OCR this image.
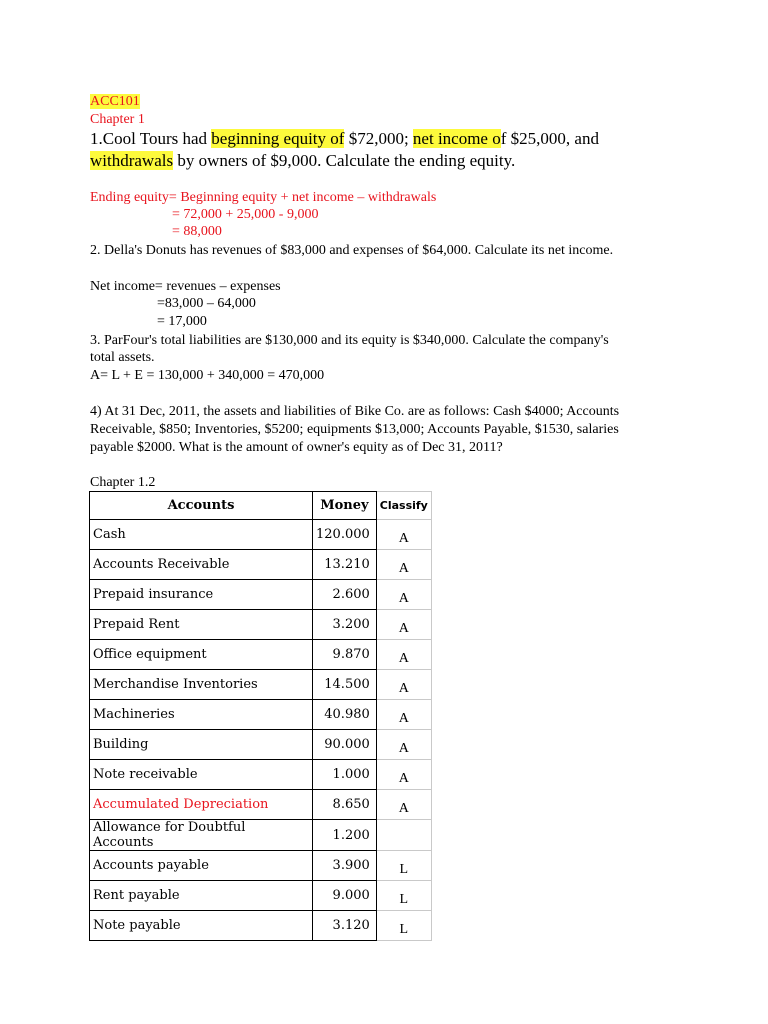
ACC101
Chapter 1
1.Cool Tours had beginning equity of $72,000; net income of $25,000, and
withdrawals by owners of $9,000. Calculate the ending equity.
Ending equity= Beginning equity + net income – withdrawals
= 72,000 + 25,000 - 9,000
= 88,000
2. Della's Donuts has revenues of $83,000 and expenses of $64,000. Calculate its net income.
Net income= revenues – expenses
=83,000 – 64,000
= 17,000
3. ParFour's total liabilities are $130,000 and its equity is $340,000. Calculate the company's
total assets.
A= L + E = 130,000 + 340,000 = 470,000
4) At 31 Dec, 2011, the assets and liabilities of Bike Co. are as follows: Cash $4000; Accounts
Receivable, $850; Inventories, $5200; equipments $13,000; Accounts Payable, $1530, salaries
payable $2000. What is the amount of owner's equity as of Dec 31, 2011?
Chapter 1.2
Accounts	Money	Classify
Cash	120.000	A
Accounts Receivable	13.210	A
Prepaid insurance	2.600	A
Prepaid Rent	3.200	A
Office equipment	9.870	A
Merchandise Inventories	14.500	A
Machineries	40.980	A
Building	90.000	A
Note receivable	1.000	A
Accumulated Depreciation	8.650	A
Allowance for Doubtful Accounts	1.200	
Accounts payable	3.900	L
Rent payable	9.000	L
Note payable	3.120	L
